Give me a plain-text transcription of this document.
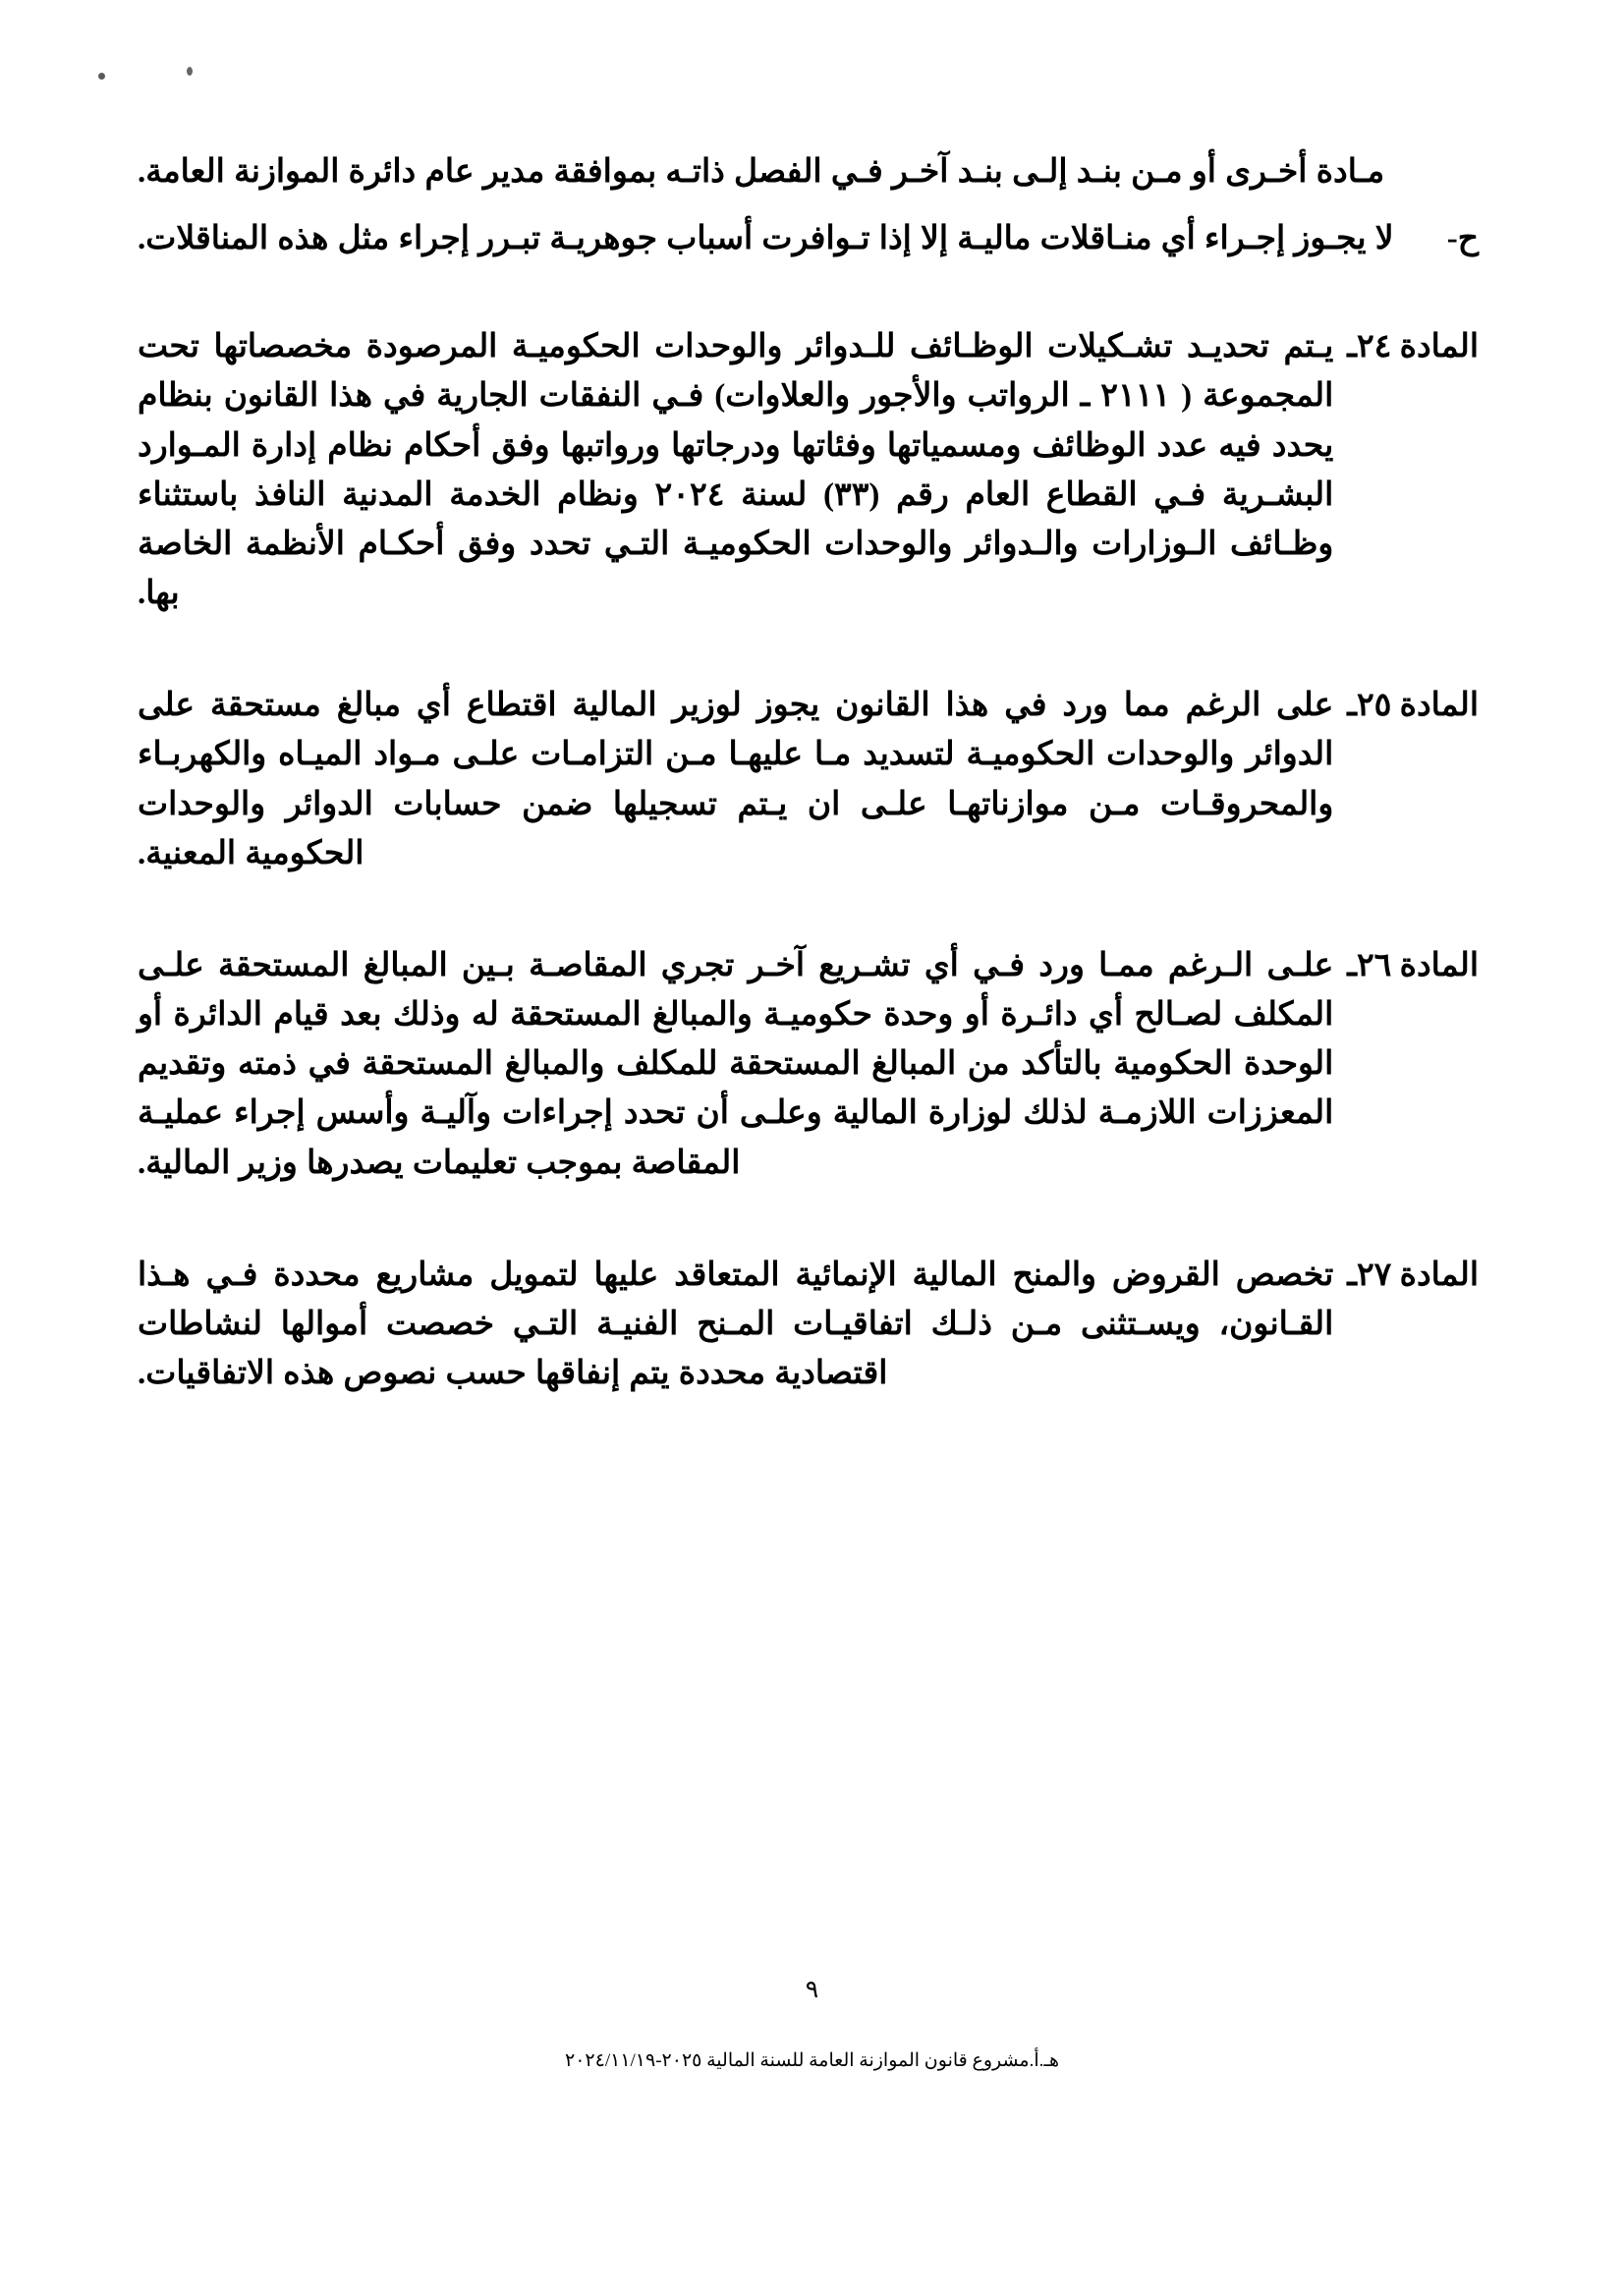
مـادة أخـرى أو مـن بنـد إلـى بنـد آخـر فـي الفصل ذاتـه بموافقة مدير عام دائرة الموازنة العامة.

ح-

لا يجـوز إجـراء أي منـاقلات ماليـة إلا إذا تـوافرت أسباب جوهريـة تبـرر إجراء مثل هذه المناقلات.

المادة ٢٤ـ

يـتم تحديـد تشـكيلات الوظـائف للـدوائر والوحدات الحكوميـة المرصودة مخصصاتها تحت المجموعة ( ٢١١١ ـ الرواتب والأجور والعلاوات) فـي النفقات الجارية في هذا القانون بنظام يحدد فيه عدد الوظائف ومسمياتها وفئاتها ودرجاتها ورواتبها وفق أحكام نظام إدارة المـوارد البشـرية فـي القطاع العام رقم (٣٣) لسنة ٢٠٢٤ ونظام الخدمة المدنية النافذ باستثناء وظـائف الـوزارات والـدوائر والوحدات الحكوميـة التـي تحدد وفق أحكـام الأنظمة الخاصة بها.

المادة ٢٥ـ

على الرغم مما ورد في هذا القانون يجوز لوزير المالية اقتطاع أي مبالغ مستحقة على الدوائر والوحدات الحكوميـة لتسديد مـا عليهـا مـن التزامـات علـى مـواد الميـاه والكهربـاء والمحروقـات مـن موازناتهـا علـى ان يـتم تسجيلها ضمن حسابات الدوائر والوحدات الحكومية المعنية.

المادة ٢٦ـ

علـى الـرغم ممـا ورد فـي أي تشـريع آخـر تجري المقاصـة بـين المبالغ المستحقة علـى المكلف لصـالح أي دائـرة أو وحدة حكوميـة والمبالغ المستحقة له وذلك بعد قيام الدائرة أو الوحدة الحكومية بالتأكد من المبالغ المستحقة للمكلف والمبالغ المستحقة في ذمته وتقديم المعززات اللازمـة لذلك لوزارة المالية وعلـى أن تحدد إجراءات وآليـة وأسس إجراء عمليـة المقاصة بموجب تعليمات يصدرها وزير المالية.

المادة ٢٧ـ

تخصص القروض والمنح المالية الإنمائية المتعاقد عليها لتمويل مشاريع محددة فـي هـذا القـانون، ويسـتثنى مـن ذلـك اتفاقيـات المـنح الفنيـة التـي خصصت أموالها لنشاطات اقتصادية محددة يتم إنفاقها حسب نصوص هذه الاتفاقيات.

٩
هـ.أ.مشروع قانون الموازنة العامة للسنة المالية ٢٠٢٥-٢٠٢٤/١١/١٩
